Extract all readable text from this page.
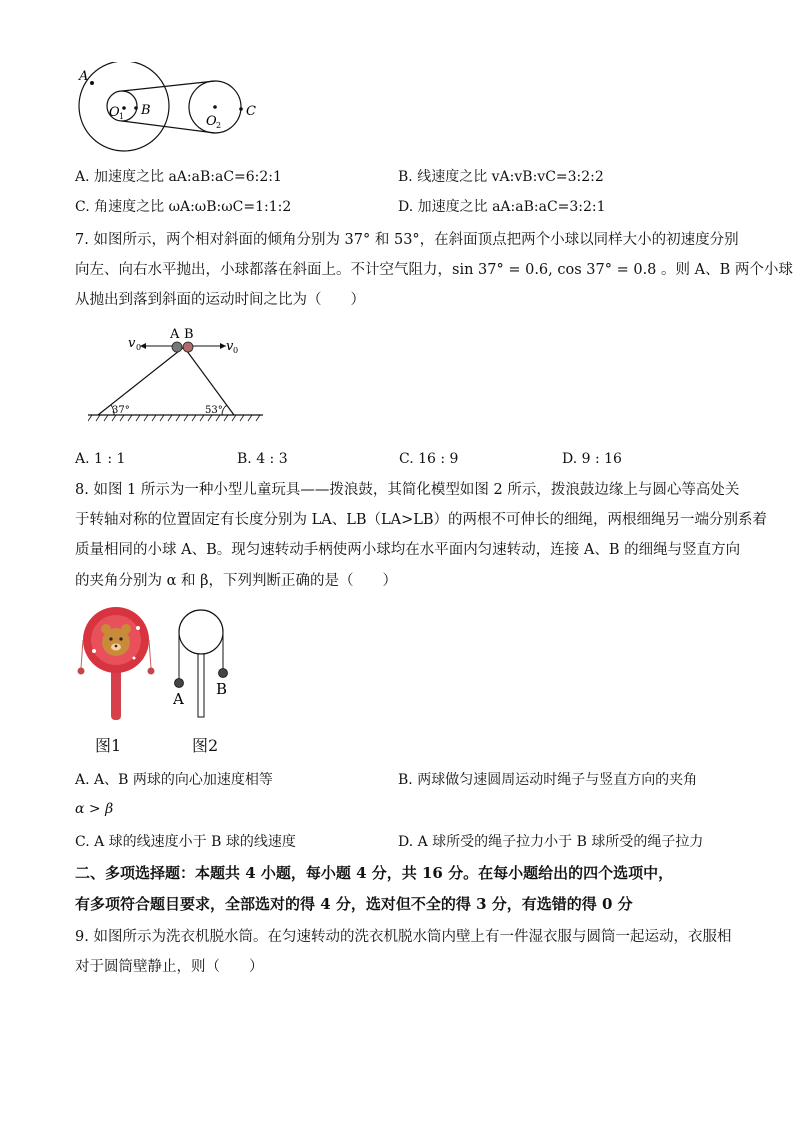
A
O 1 B
O 2
C
A. 加速度之比 aA:aB:aC=6:2:1	B. 线速度之比 vA:vB:vC=3:2:2
C. 角速度之比 ωA:ωB:ωC=1:1:2	D. 加速度之比 aA:aB:aC=3:2:1
7. 如图所示，两个相对斜面的倾角分别为 37° 和 53°，在斜面顶点把两个小球以同样大小的初速度分别
向左、向右水平抛出，小球都落在斜面上。不计空气阻力，sin 37° = 0.6, cos 37° = 0.8 。则 A、B 两个小球
从抛出到落到斜面的运动时间之比为（　　）
A B
v 0	v 0
37°	53°
A. 1 : 1	B. 4 : 3	C. 16 : 9	D. 9 : 16
8. 如图 1 所示为一种小型儿童玩具——拨浪鼓，其简化模型如图 2 所示，拨浪鼓边缘上与圆心等高处关
于转轴对称的位置固定有长度分别为 LA、LB（LA>LB）的两根不可伸长的细绳，两根细绳另一端分别系着
质量相同的小球 A、B。现匀速转动手柄使两小球均在水平面内匀速转动，连接 A、B 的细绳与竖直方向
的夹角分别为 α 和 β，下列判断正确的是（　　）
A
B
图1	图2
A. A、B 两球的向心加速度相等	B. 两球做匀速圆周运动时绳子与竖直方向的夹角
α > β
C. A 球的线速度小于 B 球的线速度	D. A 球所受的绳子拉力小于 B 球所受的绳子拉力
二、多项选择题：本题共 4 小题，每小题 4 分，共 16 分。在每小题给出的四个选项中，
有多项符合题目要求，全部选对的得 4 分，选对但不全的得 3 分，有选错的得 0 分
9. 如图所示为洗衣机脱水筒。在匀速转动的洗衣机脱水筒内壁上有一件湿衣服与圆筒一起运动，衣服相
对于圆筒壁静止，则（　　）
